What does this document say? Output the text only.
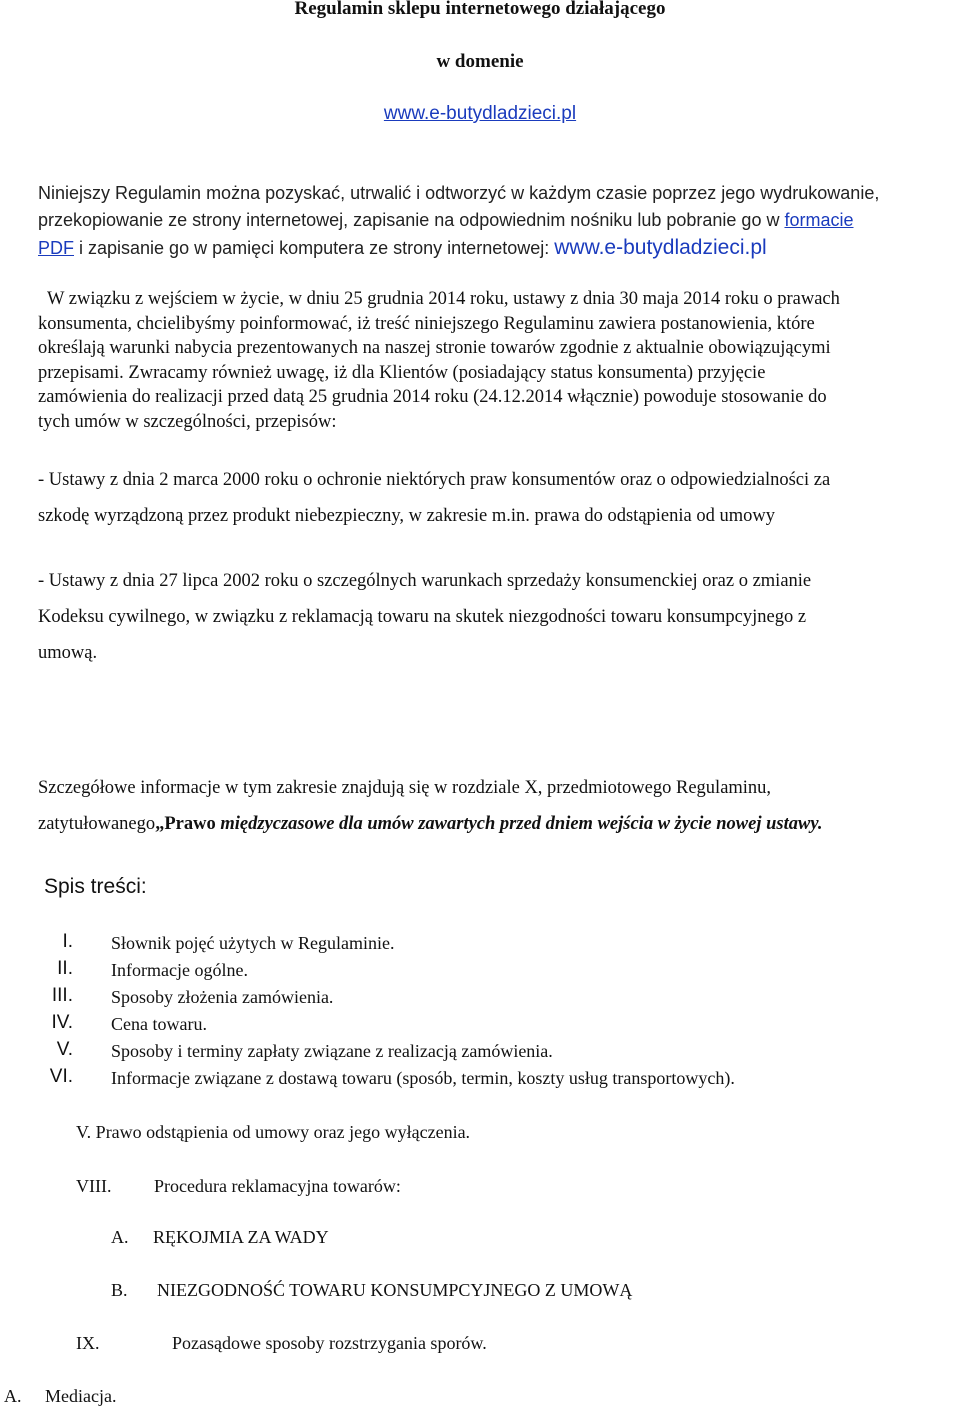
Regulamin sklepu internetowego działającego
w domenie
www.e-butydladzieci.pl
Niniejszy Regulamin można pozyskać, utrwalić i odtworzyć w każdym czasie poprzez jego wydrukowanie,
przekopiowanie ze strony internetowej, zapisanie na odpowiednim nośniku lub pobranie go w formacie
PDF i zapisanie go w pamięci komputera ze strony internetowej: www.e-butydladzieci.pl
W związku z wejściem w życie, w dniu 25 grudnia 2014 roku, ustawy z dnia 30 maja 2014 roku o prawach
konsumenta, chcielibyśmy poinformować, iż treść niniejszego Regulaminu zawiera postanowienia, które
określają warunki nabycia prezentowanych na naszej stronie towarów zgodnie z aktualnie obowiązującymi
przepisami. Zwracamy również uwagę, iż dla Klientów (posiadający status konsumenta) przyjęcie
zamówienia do realizacji przed datą 25 grudnia 2014 roku (24.12.2014 włącznie) powoduje stosowanie do
tych umów w szczególności, przepisów:
- Ustawy z dnia 2 marca 2000 roku o ochronie niektórych praw konsumentów oraz o odpowiedzialności za
szkodę wyrządzoną przez produkt niebezpieczny, w zakresie m.in. prawa do odstąpienia od umowy
- Ustawy z dnia 27 lipca 2002 roku o szczególnych warunkach sprzedaży konsumenckiej oraz o zmianie
Kodeksu cywilnego, w związku z reklamacją towaru na skutek niezgodności towaru konsumpcyjnego z
umową.
Szczegółowe informacje w tym zakresie znajdują się w rozdziale X, przedmiotowego Regulaminu,
zatytułowanego„Prawo międzyczasowe dla umów zawartych przed dniem wejścia w życie nowej ustawy.
Spis treści:
I. Słownik pojęć użytych w Regulaminie.
II. Informacje ogólne.
III. Sposoby złożenia zamówienia.
IV. Cena towaru.
V. Sposoby i terminy zapłaty związane z realizacją zamówienia.
VI. Informacje związane z dostawą towaru (sposób, termin, koszty usług transportowych).
V. Prawo odstąpienia od umowy oraz jego wyłączenia.
VIII. Procedura reklamacyjna towarów:
A. RĘKOJMIA ZA WADY
B. NIEZGODNOŚĆ TOWARU KONSUMPCYJNEGO Z UMOWĄ
IX.	Pozasądowe sposoby rozstrzygania sporów.
A. Mediacja.
